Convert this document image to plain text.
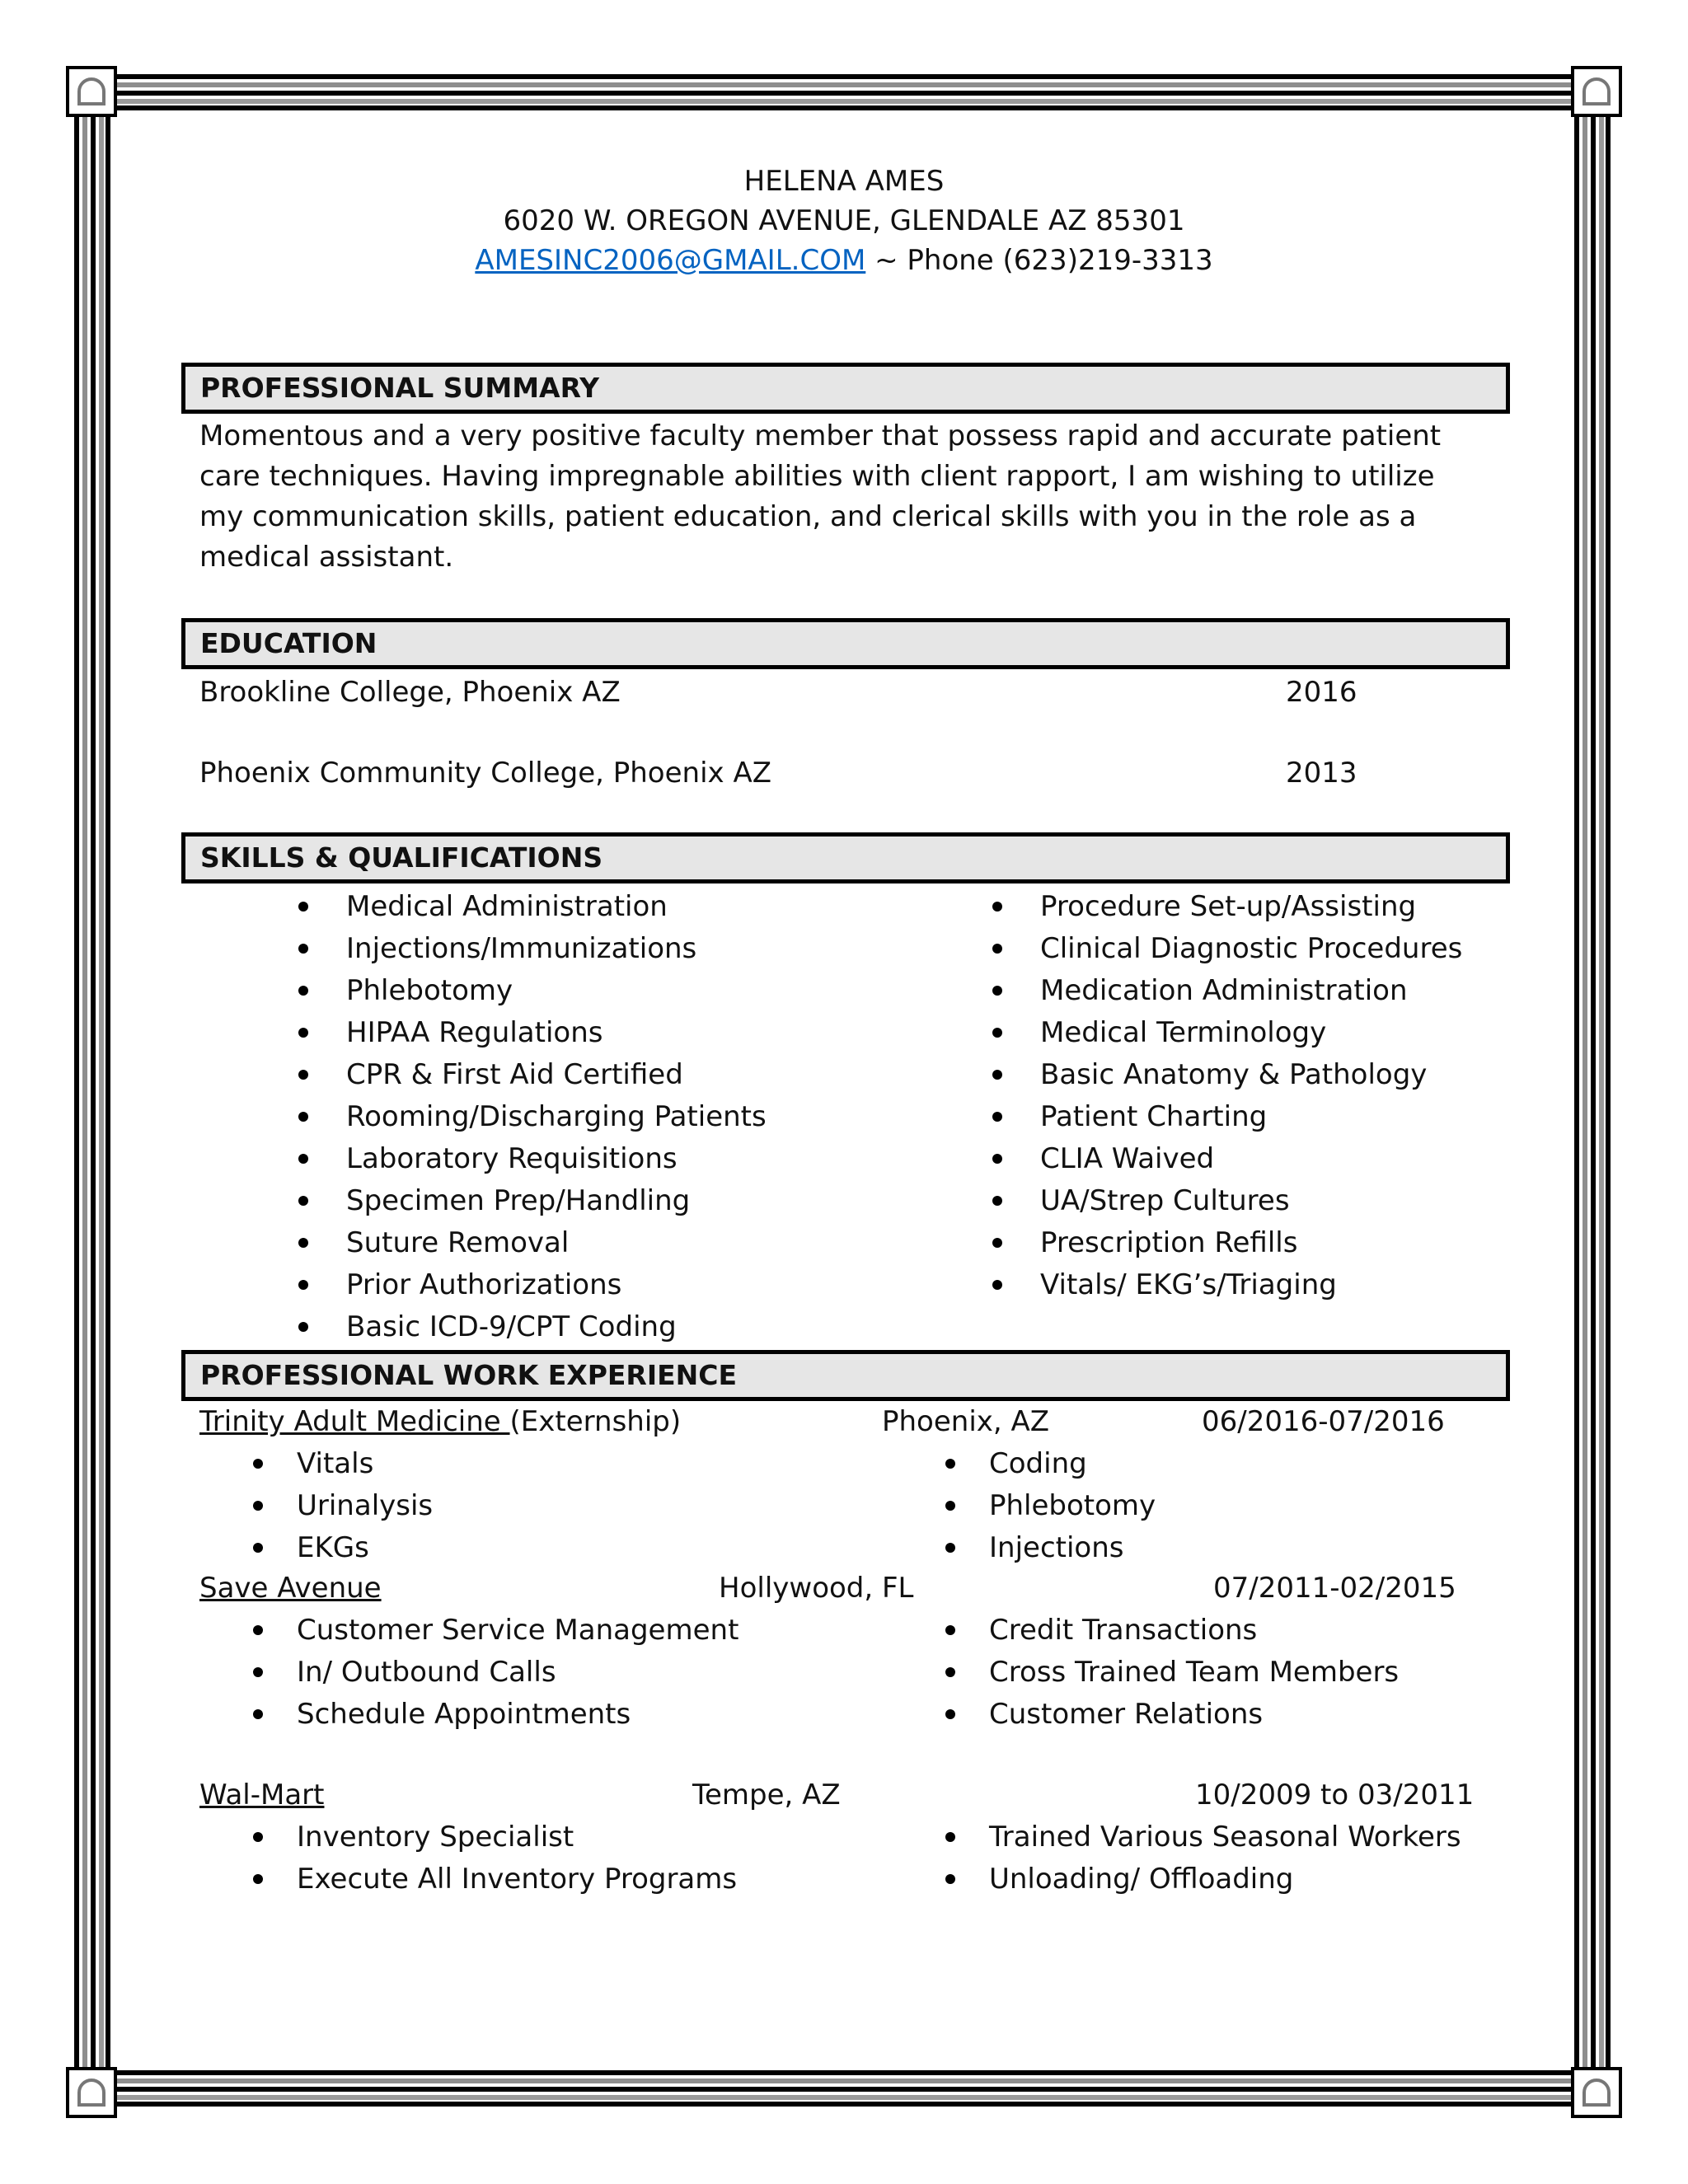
HELENA AMES
6020 W. OREGON AVENUE, GLENDALE AZ 85301
AMESINC2006@GMAIL.COM ~ Phone (623)219-3313
PROFESSIONAL SUMMARY
Momentous and a very positive faculty member that possess rapid and accurate patient care techniques. Having impregnable abilities with client rapport, I am wishing to utilize my communication skills, patient education, and clerical skills with you in the role as a medical assistant.
EDUCATION
Brookline College, Phoenix AZ	2016
Phoenix Community College, Phoenix AZ	2013
SKILLS & QUALIFICATIONS
Medical Administration
Injections/Immunizations
Phlebotomy
HIPAA Regulations
CPR & First Aid Certified
Rooming/Discharging Patients
Laboratory Requisitions
Specimen Prep/Handling
Suture Removal
Prior Authorizations
Basic ICD-9/CPT Coding
Procedure Set-up/Assisting
Clinical Diagnostic Procedures
Medication Administration
Medical Terminology
Basic Anatomy & Pathology
Patient Charting
CLIA Waived
UA/Strep Cultures
Prescription Refills
Vitals/ EKG’s/Triaging
PROFESSIONAL WORK EXPERIENCE
Trinity Adult Medicine (Externship)	Phoenix, AZ	06/2016-07/2016
Vitals
Urinalysis
EKGs
Coding
Phlebotomy
Injections
Save Avenue	Hollywood, FL	07/2011-02/2015
Customer Service Management
In/ Outbound Calls
Schedule Appointments
Credit Transactions
Cross Trained Team Members
Customer Relations
Wal-Mart	Tempe, AZ	10/2009 to 03/2011
Inventory Specialist
Execute All Inventory Programs
Trained Various Seasonal Workers
Unloading/ Offloading
